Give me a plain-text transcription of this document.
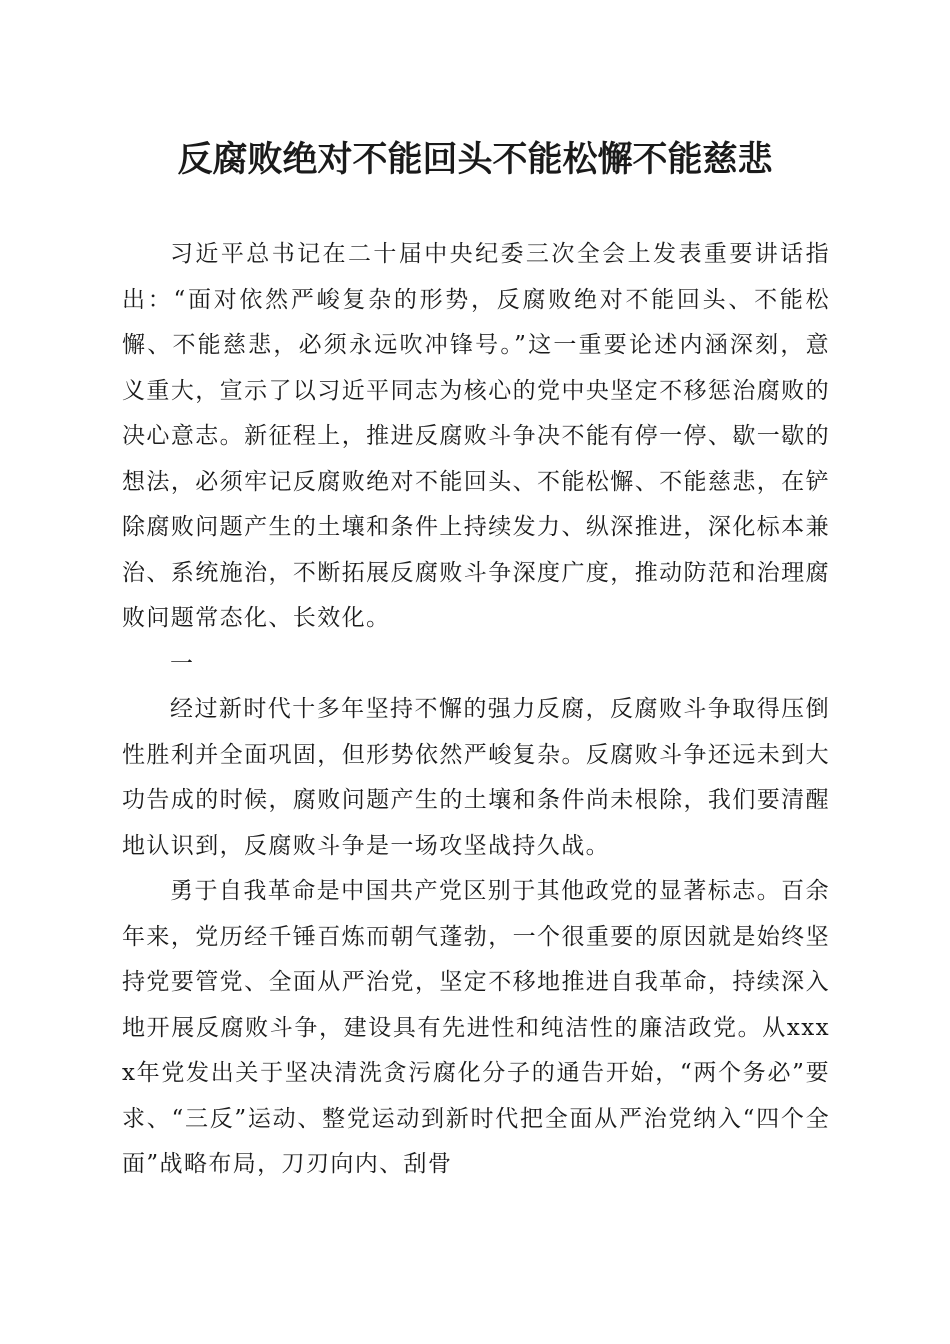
反腐败绝对不能回头不能松懈不能慈悲

习近平总书记在二十届中央纪委三次全会上发表重要讲话指出：“面对依然严峻复杂的形势，反腐败绝对不能回头、不能松懈、不能慈悲，必须永远吹冲锋号。”这一重要论述内涵深刻，意义重大，宣示了以习近平同志为核心的党中央坚定不移惩治腐败的决心意志。新征程上，推进反腐败斗争决不能有停一停、歇一歇的想法，必须牢记反腐败绝对不能回头、不能松懈、不能慈悲，在铲除腐败问题产生的土壤和条件上持续发力、纵深推进，深化标本兼治、系统施治，不断拓展反腐败斗争深度广度，推动防范和治理腐败问题常态化、长效化。

一

经过新时代十多年坚持不懈的强力反腐，反腐败斗争取得压倒性胜利并全面巩固，但形势依然严峻复杂。反腐败斗争还远未到大功告成的时候，腐败问题产生的土壤和条件尚未根除，我们要清醒地认识到，反腐败斗争是一场攻坚战持久战。

勇于自我革命是中国共产党区别于其他政党的显著标志。百余年来，党历经千锤百炼而朝气蓬勃，一个很重要的原因就是始终坚持党要管党、全面从严治党，坚定不移地推进自我革命，持续深入地开展反腐败斗争，建设具有先进性和纯洁性的廉洁政党。从xxxx年党发出关于坚决清洗贪污腐化分子的通告开始，“两个务必”要求、“三反”运动、整党运动到新时代把全面从严治党纳入“四个全面”战略布局，刀刃向内、刮骨
